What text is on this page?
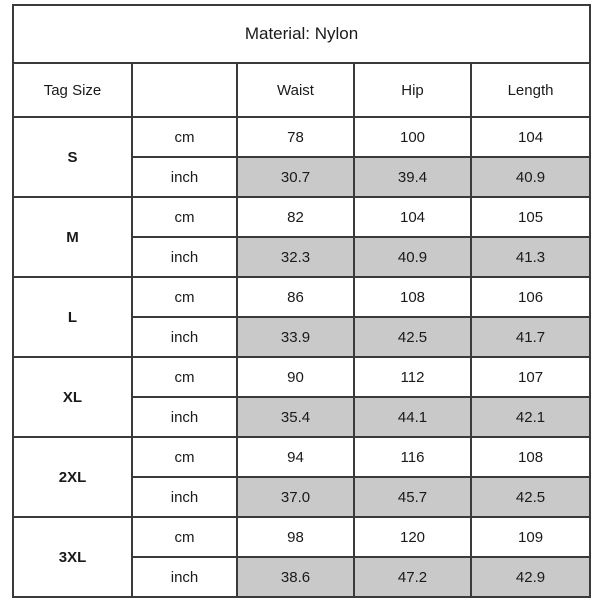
Material: Nylon				
Tag Size		Waist	Hip	Length
S	cm	78	100	104
	inch	30.7	39.4	40.9
M	cm	82	104	105
	inch	32.3	40.9	41.3
L	cm	86	108	106
	inch	33.9	42.5	41.7
XL	cm	90	112	107
	inch	35.4	44.1	42.1
2XL	cm	94	116	108
	inch	37.0	45.7	42.5
3XL	cm	98	120	109
	inch	38.6	47.2	42.9
